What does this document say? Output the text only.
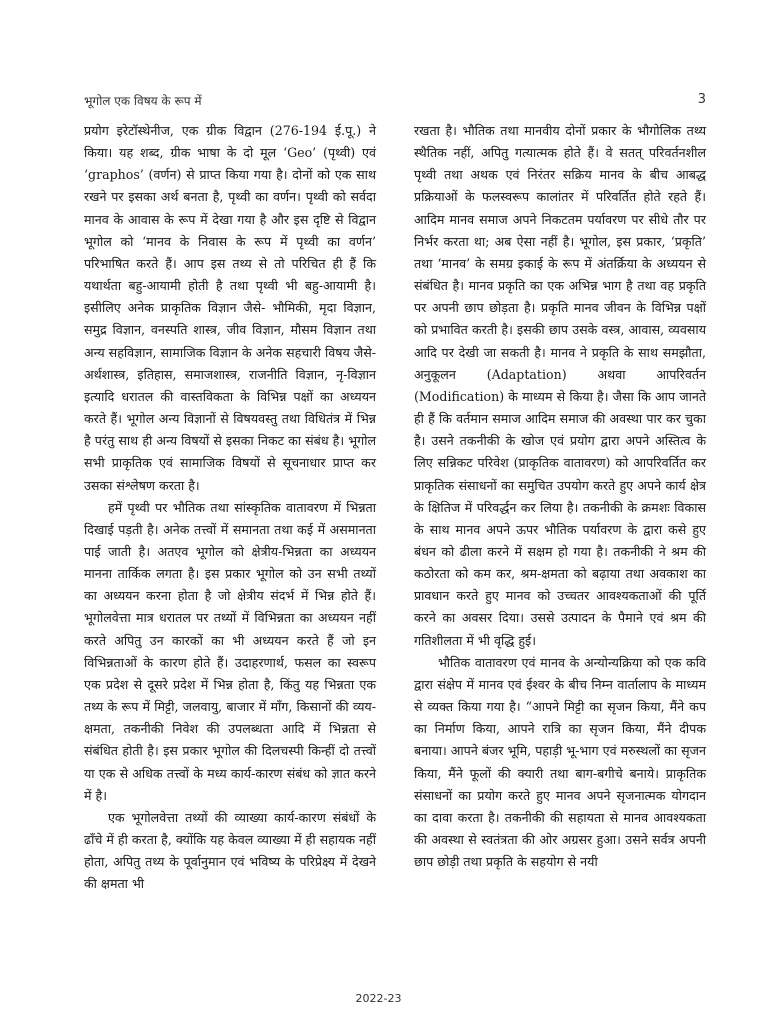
भूगोल एक विषय के रूप में	3

प्रयोग इरेटॉस्थेनीज, एक ग्रीक विद्वान (276-194 ई.पू.) ने किया। यह शब्द, ग्रीक भाषा के दो मूल ‘Geo’ (पृथ्वी) एवं ‘graphos’ (वर्णन) से प्राप्त किया गया है। दोनों को एक साथ रखने पर इसका अर्थ बनता है, पृथ्वी का वर्णन। पृथ्वी को सर्वदा मानव के आवास के रूप में देखा गया है और इस दृष्टि से विद्वान भूगोल को ‘मानव के निवास के रूप में पृथ्वी का वर्णन’ परिभाषित करते हैं। आप इस तथ्य से तो परिचित ही हैं कि यथार्थता बहु-आयामी होती है तथा पृथ्वी भी बहु-आयामी है। इसीलिए अनेक प्राकृतिक विज्ञान जैसे- भौमिकी, मृदा विज्ञान, समुद्र विज्ञान, वनस्पति शास्त्र, जीव विज्ञान, मौसम विज्ञान तथा अन्य सहविज्ञान, सामाजिक विज्ञान के अनेक सहचारी विषय जैसे- अर्थशास्त्र, इतिहास, समाजशास्त्र, राजनीति विज्ञान, नृ-विज्ञान इत्यादि धरातल की वास्तविकता के विभिन्न पक्षों का अध्ययन करते हैं। भूगोल अन्य विज्ञानों से विषयवस्तु तथा विधितंत्र में भिन्न है परंतु साथ ही अन्य विषयों से इसका निकट का संबंध है। भूगोल सभी प्राकृतिक एवं सामाजिक विषयों से सूचनाधार प्राप्त कर उसका संश्लेषण करता है।

हमें पृथ्वी पर भौतिक तथा सांस्कृतिक वातावरण में भिन्नता दिखाई पड़ती है। अनेक तत्त्वों में समानता तथा कई में असमानता पाई जाती है। अतएव भूगोल को क्षेत्रीय-भिन्नता का अध्ययन मानना तार्किक लगता है। इस प्रकार भूगोल को उन सभी तथ्यों का अध्ययन करना होता है जो क्षेत्रीय संदर्भ में भिन्न होते हैं। भूगोलवेत्ता मात्र धरातल पर तथ्यों में विभिन्नता का अध्ययन नहीं करते अपितु उन कारकों का भी अध्ययन करते हैं जो इन विभिन्नताओं के कारण होते हैं। उदाहरणार्थ, फसल का स्वरूप एक प्रदेश से दूसरे प्रदेश में भिन्न होता है, किंतु यह भिन्नता एक तथ्य के रूप में मिट्टी, जलवायु, बाजार में माँग, किसानों की व्यय-क्षमता, तकनीकी निवेश की उपलब्धता आदि में भिन्नता से संबंधित होती है। इस प्रकार भूगोल की दिलचस्पी किन्हीं दो तत्त्वों या एक से अधिक तत्त्वों के मध्य कार्य-कारण संबंध को ज्ञात करने में है।

एक भूगोलवेत्ता तथ्यों की व्याख्या कार्य-कारण संबंधों के ढाँचे में ही करता है, क्योंकि यह केवल व्याख्या में ही सहायक नहीं होता, अपितु तथ्य के पूर्वानुमान एवं भविष्य के परिप्रेक्ष्य में देखने की क्षमता भी

रखता है। भौतिक तथा मानवीय दोनों प्रकार के भौगोलिक तथ्य स्थैतिक नहीं, अपितु गत्यात्मक होते हैं। वे सतत् परिवर्तनशील पृथ्वी तथा अथक एवं निरंतर सक्रिय मानव के बीच आबद्ध प्रक्रियाओं के फलस्वरूप कालांतर में परिवर्तित होते रहते हैं। आदिम मानव समाज अपने निकटतम पर्यावरण पर सीधे तौर पर निर्भर करता था; अब ऐसा नहीं है। भूगोल, इस प्रकार, ‘प्रकृति’ तथा ‘मानव’ के समग्र इकाई के रूप में अंतर्क्रिया के अध्ययन से संबंधित है। मानव प्रकृति का एक अभिन्न भाग है तथा वह प्रकृति पर अपनी छाप छोड़ता है। प्रकृति मानव जीवन के विभिन्न पक्षों को प्रभावित करती है। इसकी छाप उसके वस्त्र, आवास, व्यवसाय आदि पर देखी जा सकती है। मानव ने प्रकृति के साथ समझौता, अनुकूलन (Adaptation) अथवा आपरिवर्तन (Modification) के माध्यम से किया है। जैसा कि आप जानते ही हैं कि वर्तमान समाज आदिम समाज की अवस्था पार कर चुका है। उसने तकनीकी के खोज एवं प्रयोग द्वारा अपने अस्तित्व के लिए सन्निकट परिवेश (प्राकृतिक वातावरण) को आपरिवर्तित कर प्राकृतिक संसाधनों का समुचित उपयोग करते हुए अपने कार्य क्षेत्र के क्षितिज में परिवर्द्धन कर लिया है। तकनीकी के क्रमशः विकास के साथ मानव अपने ऊपर भौतिक पर्यावरण के द्वारा कसे हुए बंधन को ढीला करने में सक्षम हो गया है। तकनीकी ने श्रम की कठोरता को कम कर, श्रम-क्षमता को बढ़ाया तथा अवकाश का प्रावधान करते हुए मानव को उच्चतर आवश्यकताओं की पूर्ति करने का अवसर दिया। उससे उत्पादन के पैमाने एवं श्रम की गतिशीलता में भी वृद्धि हुई।

भौतिक वातावरण एवं मानव के अन्योन्यक्रिया को एक कवि द्वारा संक्षेप में मानव एवं ईश्वर के बीच निम्न वार्तालाप के माध्यम से व्यक्त किया गया है। “आपने मिट्टी का सृजन किया, मैंने कप का निर्माण किया, आपने रात्रि का सृजन किया, मैंने दीपक बनाया। आपने बंजर भूमि, पहाड़ी भू-भाग एवं मरुस्थलों का सृजन किया, मैंने फूलों की क्यारी तथा बाग-बगीचे बनाये। प्राकृतिक संसाधनों का प्रयोग करते हुए मानव अपने सृजनात्मक योगदान का दावा करता है। तकनीकी की सहायता से मानव आवश्यकता की अवस्था से स्वतंत्रता की ओर अग्रसर हुआ। उसने सर्वत्र अपनी छाप छोड़ी तथा प्रकृति के सहयोग से नयी

2022-23
